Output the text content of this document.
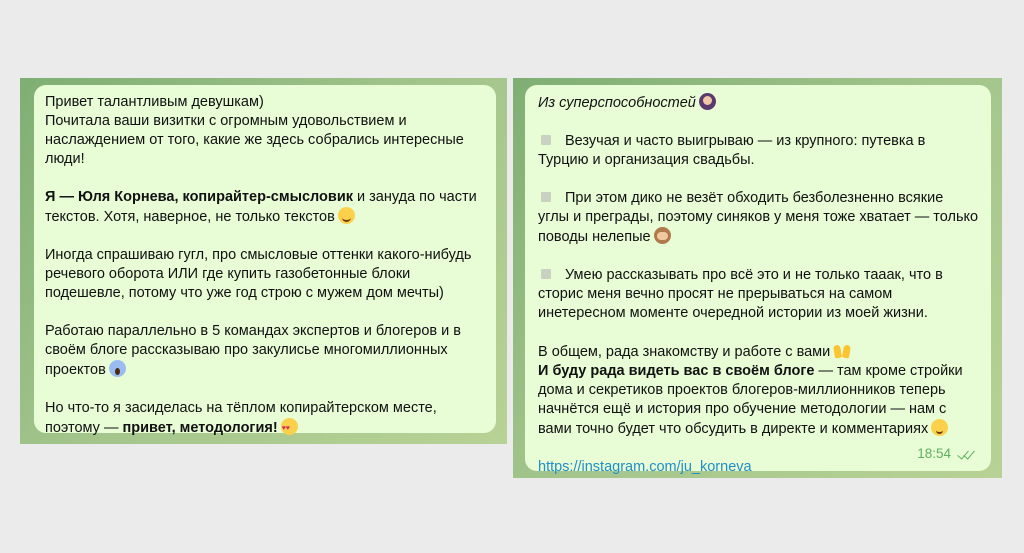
Привет талантливым девушкам)
Почитала ваши визитки с огромным удовольствием и
наслаждением от того, какие же здесь собрались интересные
люди!

Я — Юля Корнева, копирайтер-смысловик и зануда по части
текстов. Хотя, наверное, не только текстов

Иногда спрашиваю гугл, про смысловые оттенки какого-нибудь
речевого оборота ИЛИ где купить газобетонные блоки
подешевле, потому что уже год строю с мужем дом мечты)

Работаю параллельно в 5 командах экспертов и блогеров и в
своём блоге рассказываю про закулисье многомиллионных
проектов

Но что-то я засиделась на тёплом копирайтерском месте,
поэтому — привет, методология!♥ ♥

Из суперспособностей

Везучая и часто выигрываю — из крупного: путевка в
Турцию и организация свадьбы.

При этом дико не везёт обходить безболезненно всякие
углы и преграды, поэтому синяков у меня тоже хватает — только
поводы нелепые

Умею рассказывать про всё это и не только тааак, что в
сториc меня вечно просят не прерываться на самом
инетересном моменте очередной истории из моей жизни.

В общем, рада знакомству и работе с вами
И буду рада видеть вас в своём блоге — там кроме стройки
дома и секретиков проектов блогеров-миллионников теперь
начнётся ещё и история про обучение методологии — нам с
вами точно будет что обсудить в директе и комментариях

https://instagram.com/ju_korneva

18:54
